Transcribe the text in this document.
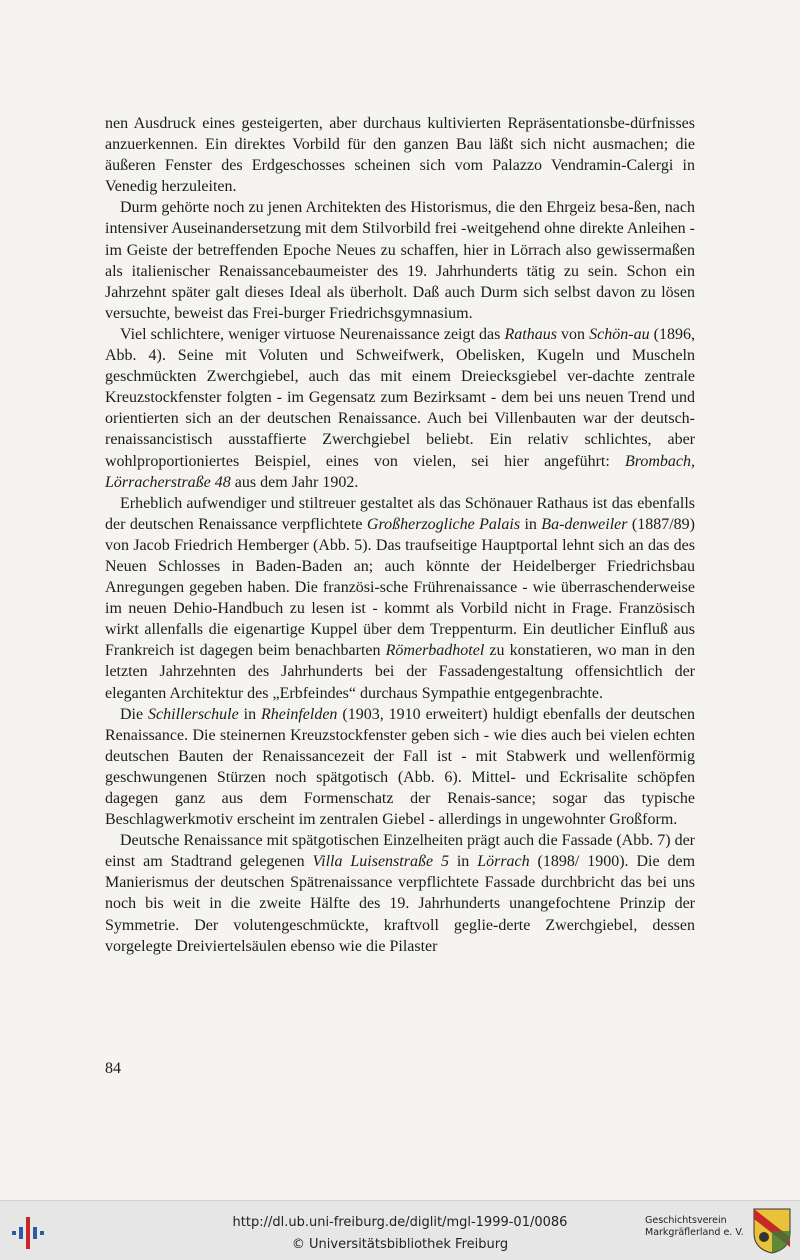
nen Ausdruck eines gesteigerten, aber durchaus kultivierten Repräsentationsbe-dürfnisses anzuerkennen. Ein direktes Vorbild für den ganzen Bau läßt sich nicht ausmachen; die äußeren Fenster des Erdgeschosses scheinen sich vom Palazzo Vendramin-Calergi in Venedig herzuleiten.

Durm gehörte noch zu jenen Architekten des Historismus, die den Ehrgeiz besa-ßen, nach intensiver Auseinandersetzung mit dem Stilvorbild frei -weitgehend ohne direkte Anleihen - im Geiste der betreffenden Epoche Neues zu schaffen, hier in Lörrach also gewissermaßen als italienischer Renaissancebaumeister des 19. Jahrhunderts tätig zu sein. Schon ein Jahrzehnt später galt dieses Ideal als überholt. Daß auch Durm sich selbst davon zu lösen versuchte, beweist das Frei-burger Friedrichsgymnasium.

Viel schlichtere, weniger virtuose Neurenaissance zeigt das Rathaus von Schön-au (1896, Abb. 4). Seine mit Voluten und Schweifwerk, Obelisken, Kugeln und Muscheln geschmückten Zwerchgiebel, auch das mit einem Dreiecksgiebel ver-dachte zentrale Kreuzstockfenster folgten - im Gegensatz zum Bezirksamt - dem bei uns neuen Trend und orientierten sich an der deutschen Renaissance. Auch bei Villenbauten war der deutsch-renaissancistisch ausstaffierte Zwerchgiebel beliebt. Ein relativ schlichtes, aber wohlproportioniertes Beispiel, eines von vielen, sei hier angeführt: Brombach, Lörracherstraße 48 aus dem Jahr 1902.

Erheblich aufwendiger und stiltreuer gestaltet als das Schönauer Rathaus ist das ebenfalls der deutschen Renaissance verpflichtete Großherzogliche Palais in Ba-denweiler (1887/89) von Jacob Friedrich Hemberger (Abb. 5). Das traufseitige Hauptportal lehnt sich an das des Neuen Schlosses in Baden-Baden an; auch könnte der Heidelberger Friedrichsbau Anregungen gegeben haben. Die französi-sche Frührenaissance - wie überraschenderweise im neuen Dehio-Handbuch zu lesen ist - kommt als Vorbild nicht in Frage. Französisch wirkt allenfalls die eigenartige Kuppel über dem Treppenturm. Ein deutlicher Einfluß aus Frankreich ist dagegen beim benachbarten Römerbadhotel zu konstatieren, wo man in den letzten Jahrzehnten des Jahrhunderts bei der Fassadengestaltung offensichtlich der eleganten Architektur des „Erbfeindes“ durchaus Sympathie entgegenbrachte.

Die Schillerschule in Rheinfelden (1903, 1910 erweitert) huldigt ebenfalls der deutschen Renaissance. Die steinernen Kreuzstockfenster geben sich - wie dies auch bei vielen echten deutschen Bauten der Renaissancezeit der Fall ist - mit Stabwerk und wellenförmig geschwungenen Stürzen noch spätgotisch (Abb. 6). Mittel- und Eckrisalite schöpfen dagegen ganz aus dem Formenschatz der Renais-sance; sogar das typische Beschlagwerkmotiv erscheint im zentralen Giebel - allerdings in ungewohnter Großform.

Deutsche Renaissance mit spätgotischen Einzelheiten prägt auch die Fassade (Abb. 7) der einst am Stadtrand gelegenen Villa Luisenstraße 5 in Lörrach (1898/ 1900). Die dem Manierismus der deutschen Spätrenaissance verpflichtete Fassade durchbricht das bei uns noch bis weit in die zweite Hälfte des 19. Jahrhunderts unangefochtene Prinzip der Symmetrie. Der volutengeschmückte, kraftvoll geglie-derte Zwerchgiebel, dessen vorgelegte Dreiviertelsäulen ebenso wie die Pilaster

84
http://dl.ub.uni-freiburg.de/diglit/mgl-1999-01/0086
© Universitätsbibliothek Freiburg
Geschichtsverein
Markgräflerland e. V.
